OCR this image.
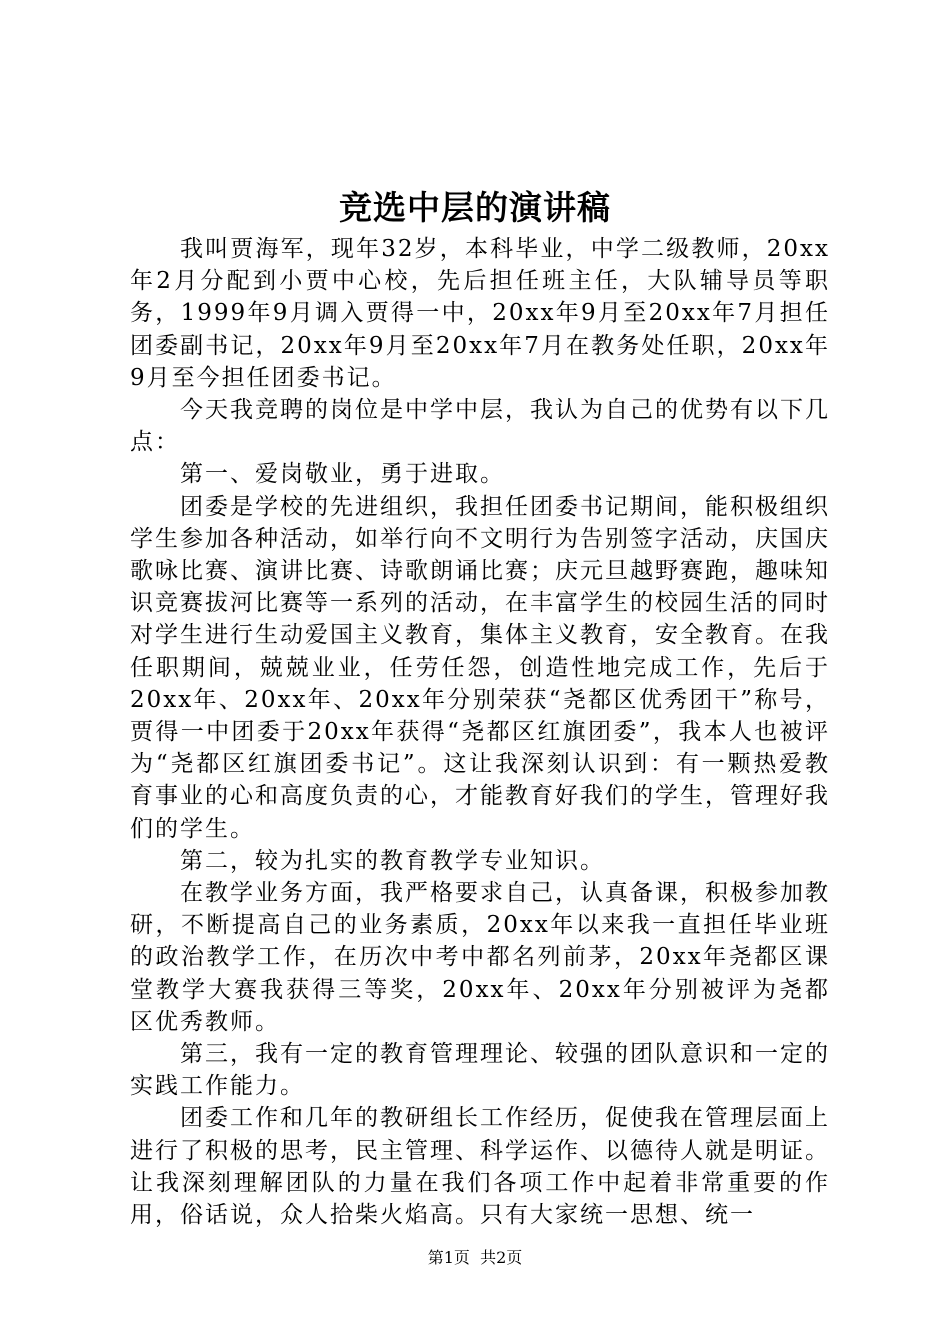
竞选中层的演讲稿

我叫贾海军，现年32岁，本科毕业，中学二级教师，20xx年2月分配到小贾中心校，先后担任班主任，大队辅导员等职务，1999年9月调入贾得一中，20xx年9月至20xx年7月担任团委副书记，20xx年9月至20xx年7月在教务处任职，20xx年9月至今担任团委书记。

今天我竞聘的岗位是中学中层，我认为自己的优势有以下几点：

第一、爱岗敬业，勇于进取。

团委是学校的先进组织，我担任团委书记期间，能积极组织学生参加各种活动，如举行向不文明行为告别签字活动，庆国庆歌咏比赛、演讲比赛、诗歌朗诵比赛；庆元旦越野赛跑，趣味知识竞赛拔河比赛等一系列的活动，在丰富学生的校园生活的同时对学生进行生动爱国主义教育，集体主义教育，安全教育。在我任职期间，兢兢业业，任劳任怨，创造性地完成工作，先后于20xx年、20xx年、20xx年分别荣获“尧都区优秀团干”称号，贾得一中团委于20xx年获得“尧都区红旗团委”，我本人也被评为“尧都区红旗团委书记”。这让我深刻认识到：有一颗热爱教育事业的心和高度负责的心，才能教育好我们的学生，管理好我们的学生。

第二，较为扎实的教育教学专业知识。

在教学业务方面，我严格要求自己，认真备课，积极参加教研，不断提高自己的业务素质，20xx年以来我一直担任毕业班的政治教学工作，在历次中考中都名列前茅，20xx年尧都区课堂教学大赛我获得三等奖，20xx年、20xx年分别被评为尧都区优秀教师。

第三，我有一定的教育管理理论、较强的团队意识和一定的实践工作能力。

团委工作和几年的教研组长工作经历，促使我在管理层面上进行了积极的思考，民主管理、科学运作、以德待人就是明证。让我深刻理解团队的力量在我们各项工作中起着非常重要的作用，俗话说，众人拾柴火焰高。只有大家统一思想、统一

第1页 共2页
